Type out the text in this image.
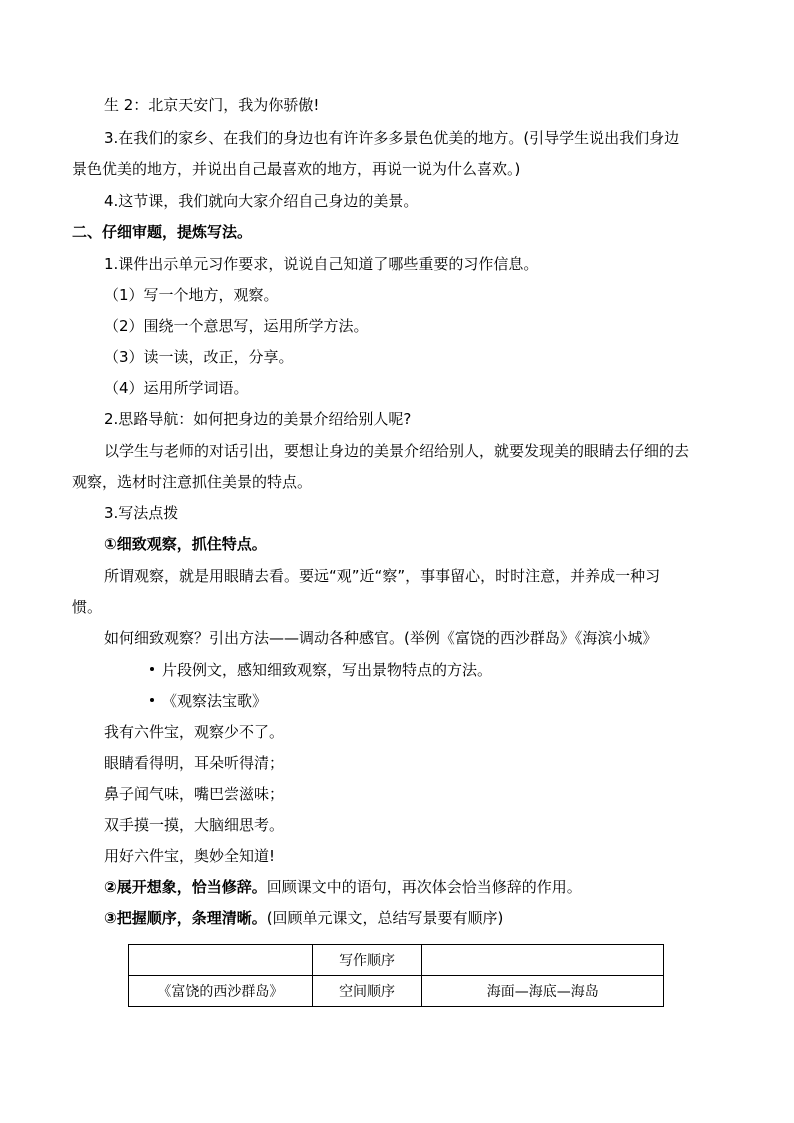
生 2：北京天安门，我为你骄傲!
3.在我们的家乡、在我们的身边也有许许多多景色优美的地方。(引导学生说出我们身边
景色优美的地方，并说出自己最喜欢的地方，再说一说为什么喜欢。)
4.这节课，我们就向大家介绍自己身边的美景。
二、仔细审题，提炼写法。
1.课件出示单元习作要求，说说自己知道了哪些重要的习作信息。
（1）写一个地方，观察。
（2）围绕一个意思写，运用所学方法。
（3）读一读，改正，分享。
（4）运用所学词语。
2.思路导航：如何把身边的美景介绍给别人呢?
以学生与老师的对话引出，要想让身边的美景介绍给别人，就要发现美的眼睛去仔细的去
观察，选材时注意抓住美景的特点。
3.写法点拨
①细致观察，抓住特点。
所谓观察，就是用眼睛去看。要远“观”近“察”，事事留心，时时注意，并养成一种习
惯。
如何细致观察？引出方法——调动各种感官。(举例《富饶的西沙群岛》《海滨小城》
片段例文，感知细致观察，写出景物特点的方法。
《观察法宝歌》
我有六件宝，观察少不了。
眼睛看得明，耳朵听得清；
鼻子闻气味，嘴巴尝滋味；
双手摸一摸，大脑细思考。
用好六件宝，奥妙全知道!
②展开想象，恰当修辞。回顾课文中的语句，再次体会恰当修辞的作用。
③把握顺序，条理清晰。(回顾单元课文，总结写景要有顺序)
	写作顺序	
《富饶的西沙群岛》	空间顺序	海面—海底—海岛
